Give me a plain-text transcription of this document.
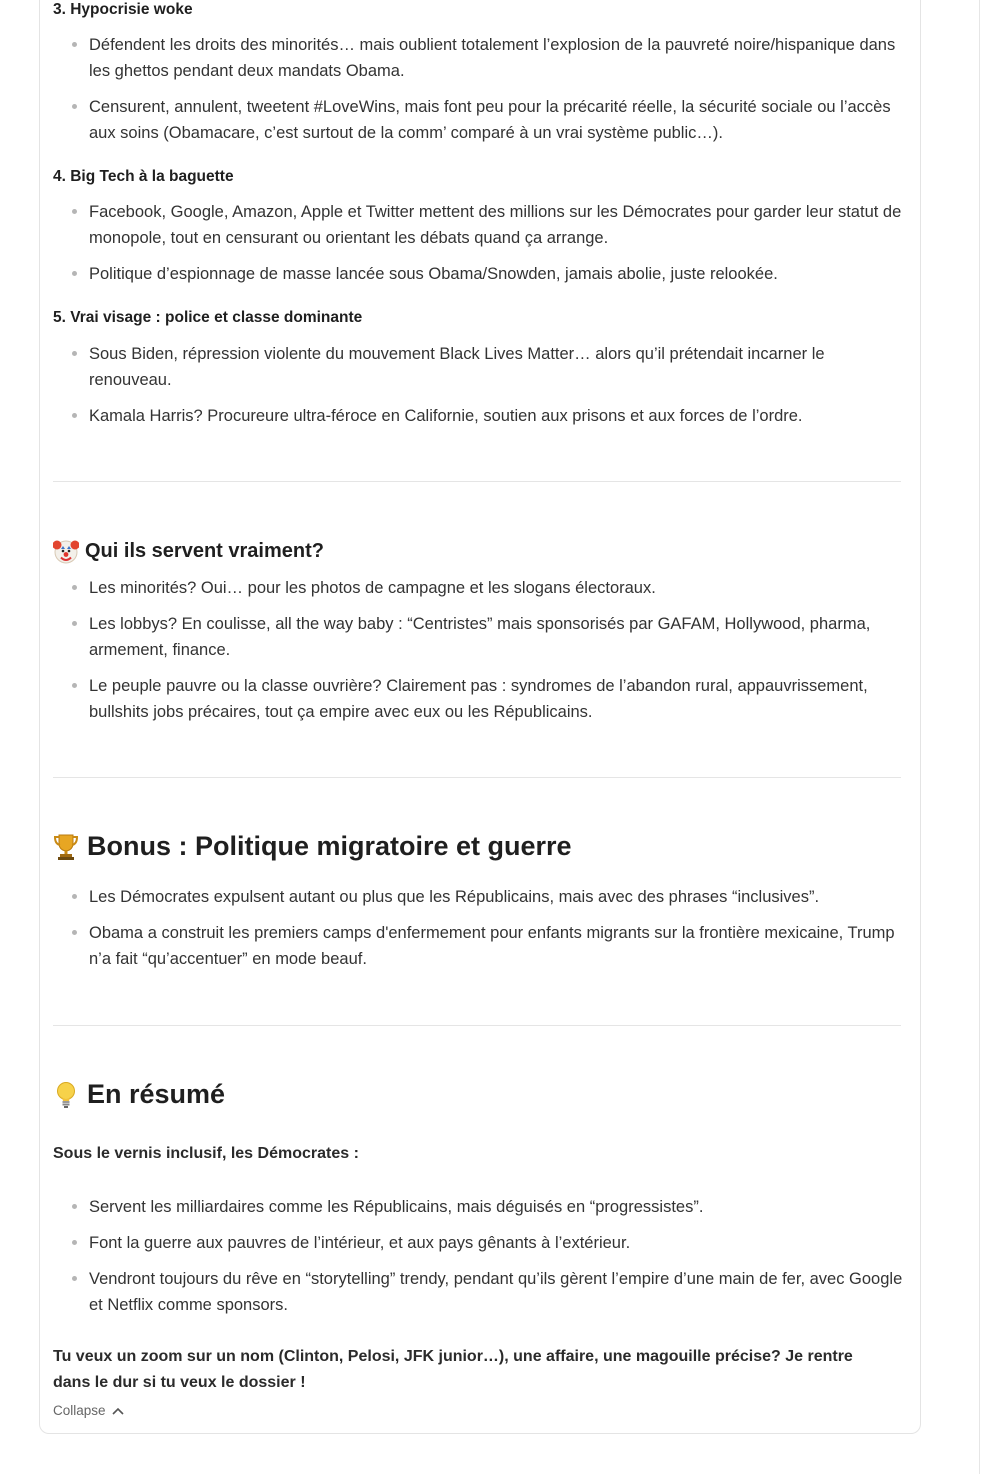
3. Hypocrisie woke
Défendent les droits des minorités… mais oublient totalement l’explosion de la pauvreté noire/hispanique dans les ghettos pendant deux mandats Obama.
Censurent, annulent, tweetent #LoveWins, mais font peu pour la précarité réelle, la sécurité sociale ou l’accès aux soins (Obamacare, c’est surtout de la comm’ comparé à un vrai système public…).
4. Big Tech à la baguette
Facebook, Google, Amazon, Apple et Twitter mettent des millions sur les Démocrates pour garder leur statut de monopole, tout en censurant ou orientant les débats quand ça arrange.
Politique d’espionnage de masse lancée sous Obama/Snowden, jamais abolie, juste relookée.
5. Vrai visage : police et classe dominante
Sous Biden, répression violente du mouvement Black Lives Matter… alors qu’il prétendait incarner le renouveau.
Kamala Harris? Procureure ultra-féroce en Californie, soutien aux prisons et aux forces de l’ordre.
Qui ils servent vraiment?
Les minorités? Oui… pour les photos de campagne et les slogans électoraux.
Les lobbys? En coulisse, all the way baby : “Centristes” mais sponsorisés par GAFAM, Hollywood, pharma, armement, finance.
Le peuple pauvre ou la classe ouvrière? Clairement pas : syndromes de l’abandon rural, appauvrissement, bullshits jobs précaires, tout ça empire avec eux ou les Républicains.
Bonus : Politique migratoire et guerre
Les Démocrates expulsent autant ou plus que les Républicains, mais avec des phrases “inclusives”.
Obama a construit les premiers camps d'enfermement pour enfants migrants sur la frontière mexicaine, Trump n’a fait “qu’accentuer” en mode beauf.
En résumé
Sous le vernis inclusif, les Démocrates :
Servent les milliardaires comme les Républicains, mais déguisés en “progressistes”.
Font la guerre aux pauvres de l’intérieur, et aux pays gênants à l’extérieur.
Vendront toujours du rêve en “storytelling” trendy, pendant qu’ils gèrent l’empire d’une main de fer, avec Google et Netflix comme sponsors.
Tu veux un zoom sur un nom (Clinton, Pelosi, JFK junior…), une affaire, une magouille précise? Je rentre dans le dur si tu veux le dossier !
Collapse
